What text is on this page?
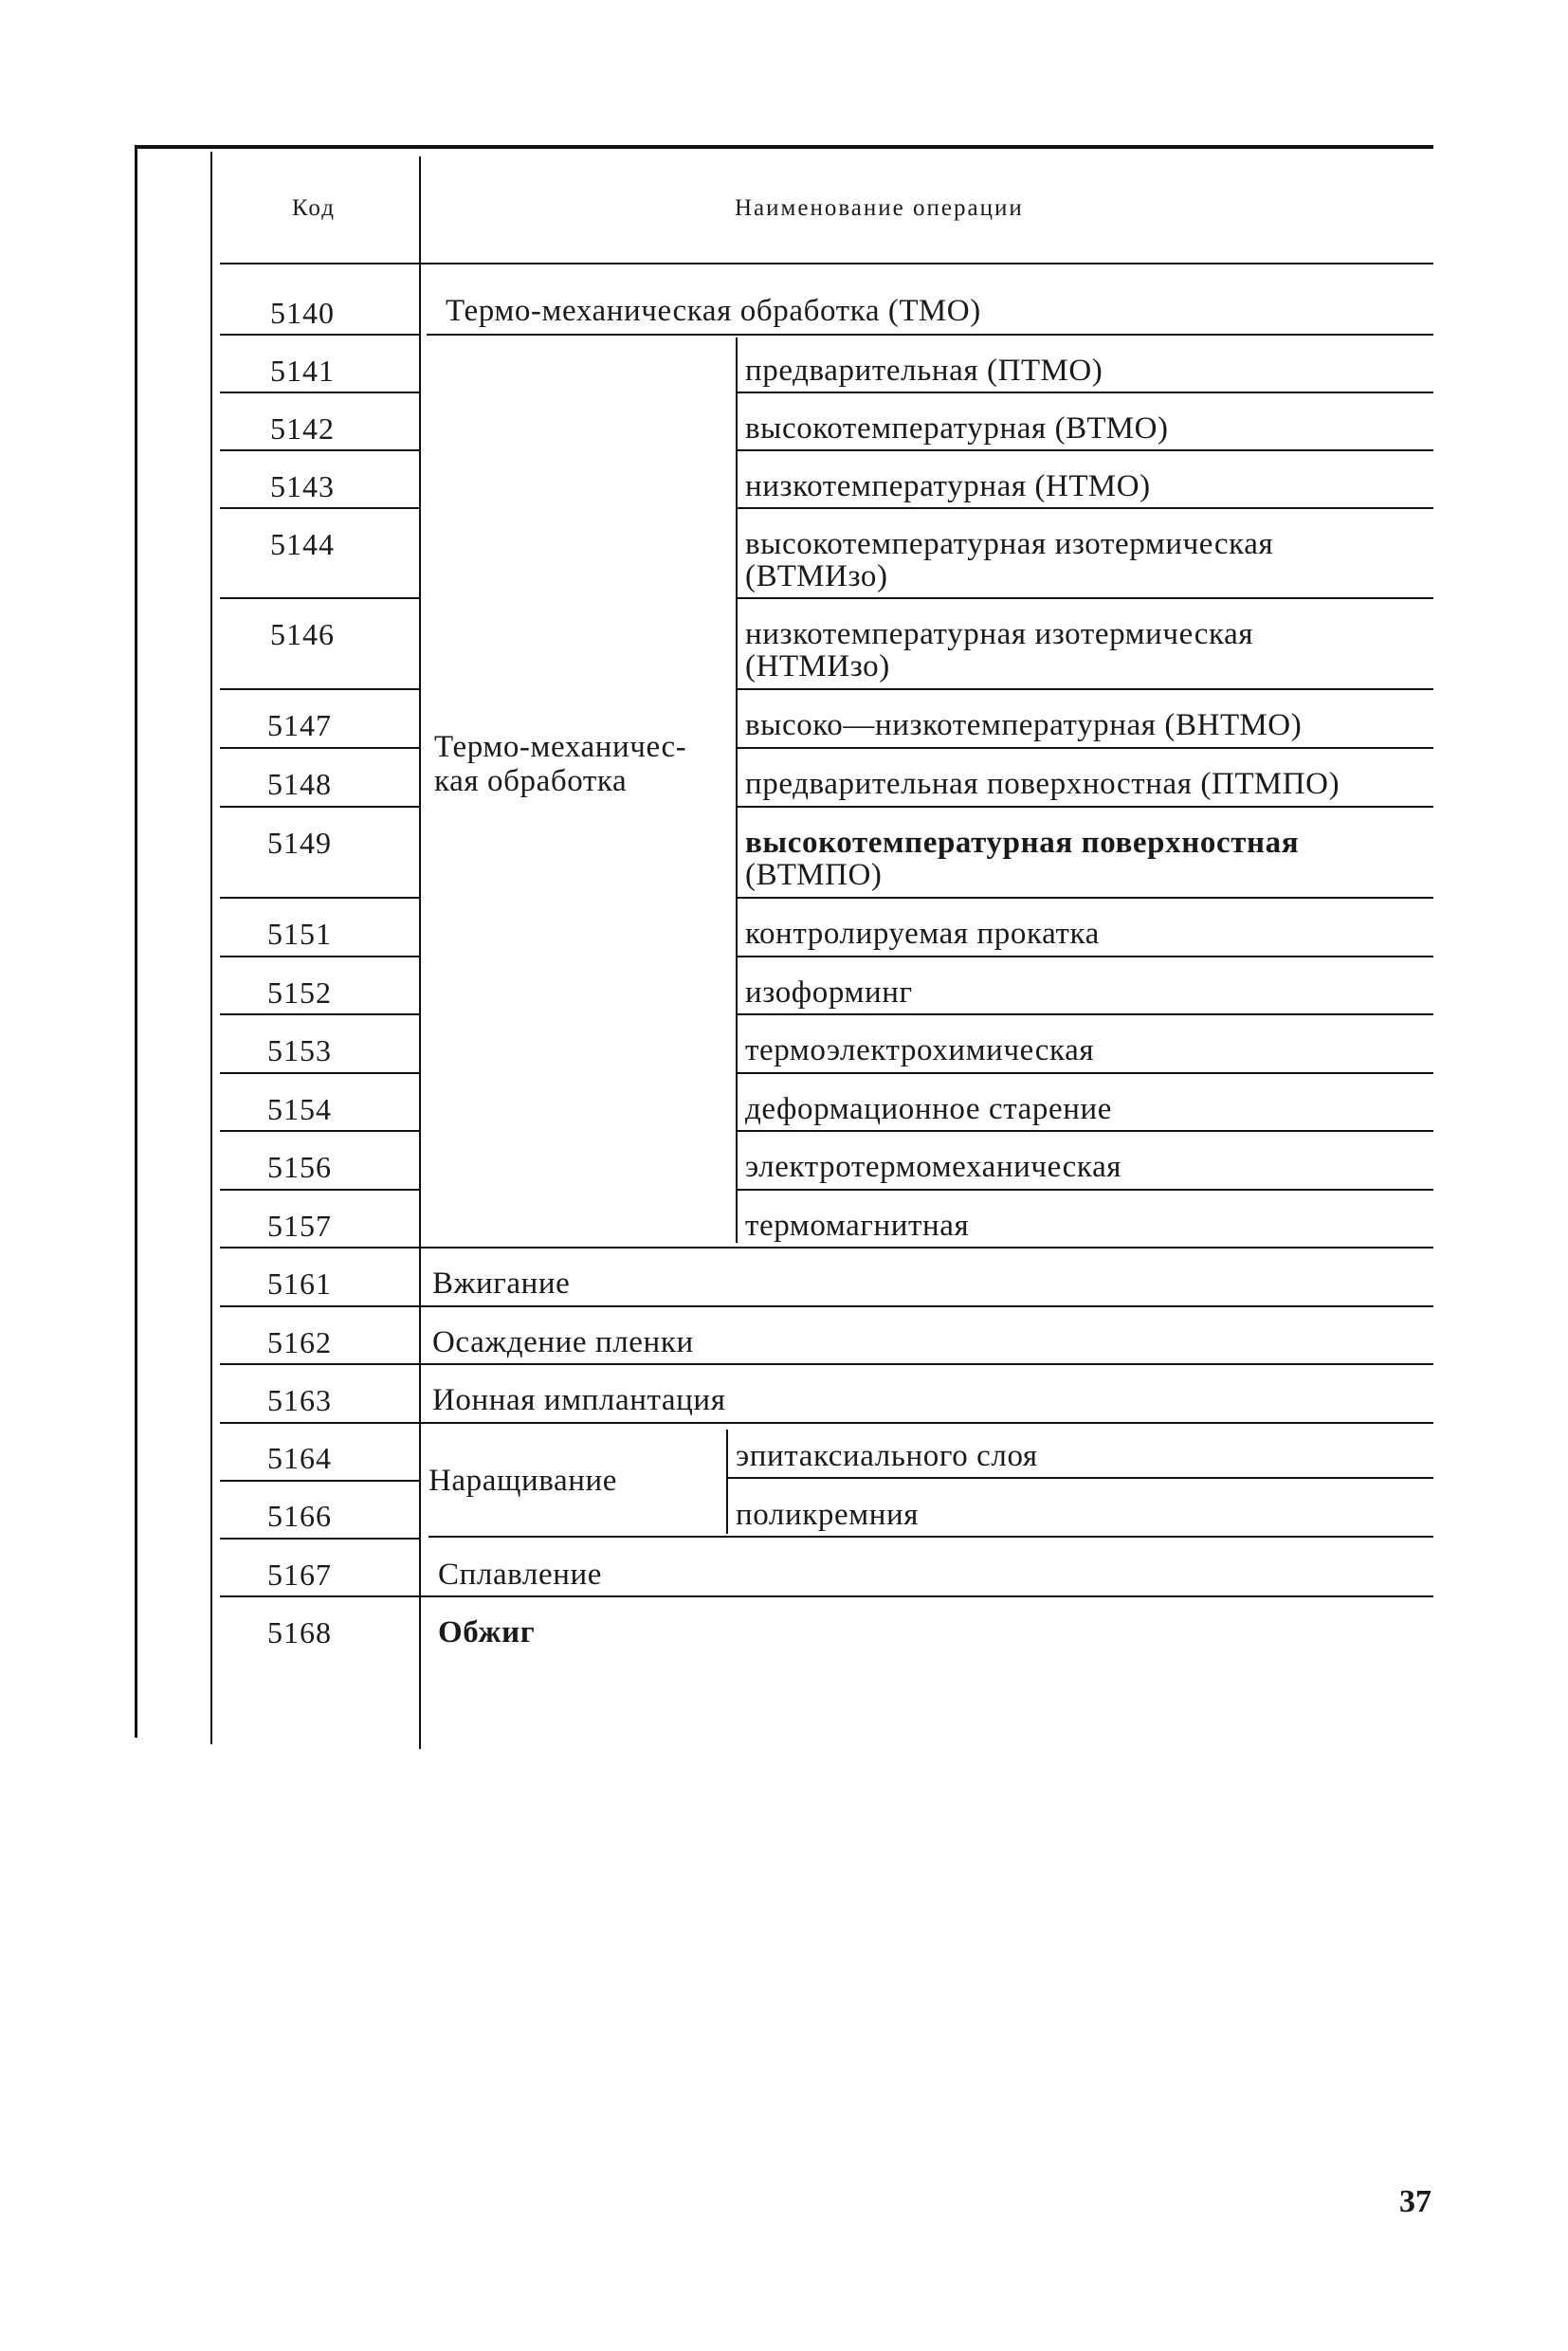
Код	Наименование операции
Термо-механичес-
кая обработка
5140	Термо-механическая обработка (ТМО)
5141	предварительная (ПТМО)
5142	высокотемпературная (ВТМО)
5143	низкотемпературная (НТМО)
5144	высокотемпературная изотермическая
(ВТМИзо)
5146	низкотемпературная изотермическая
(НТМИзо)
5147	высоко—низкотемпературная (ВНТМО)
5148	предварительная поверхностная (ПТМПО)
5149	высокотемпературная поверхностная
(ВТМПО)
5151	контролируемая прокатка
5152	изоформинг
5153	термоэлектрохимическая
5154	деформационное старение
5156	электротермомеханическая
5157	термомагнитная
5161	Вжигание
5162	Осаждение пленки
5163	Ионная имплантация
Наращивание
5164	эпитаксиального слоя
5166	поликремния
5167	Сплавление
5168	Обжиг
37
